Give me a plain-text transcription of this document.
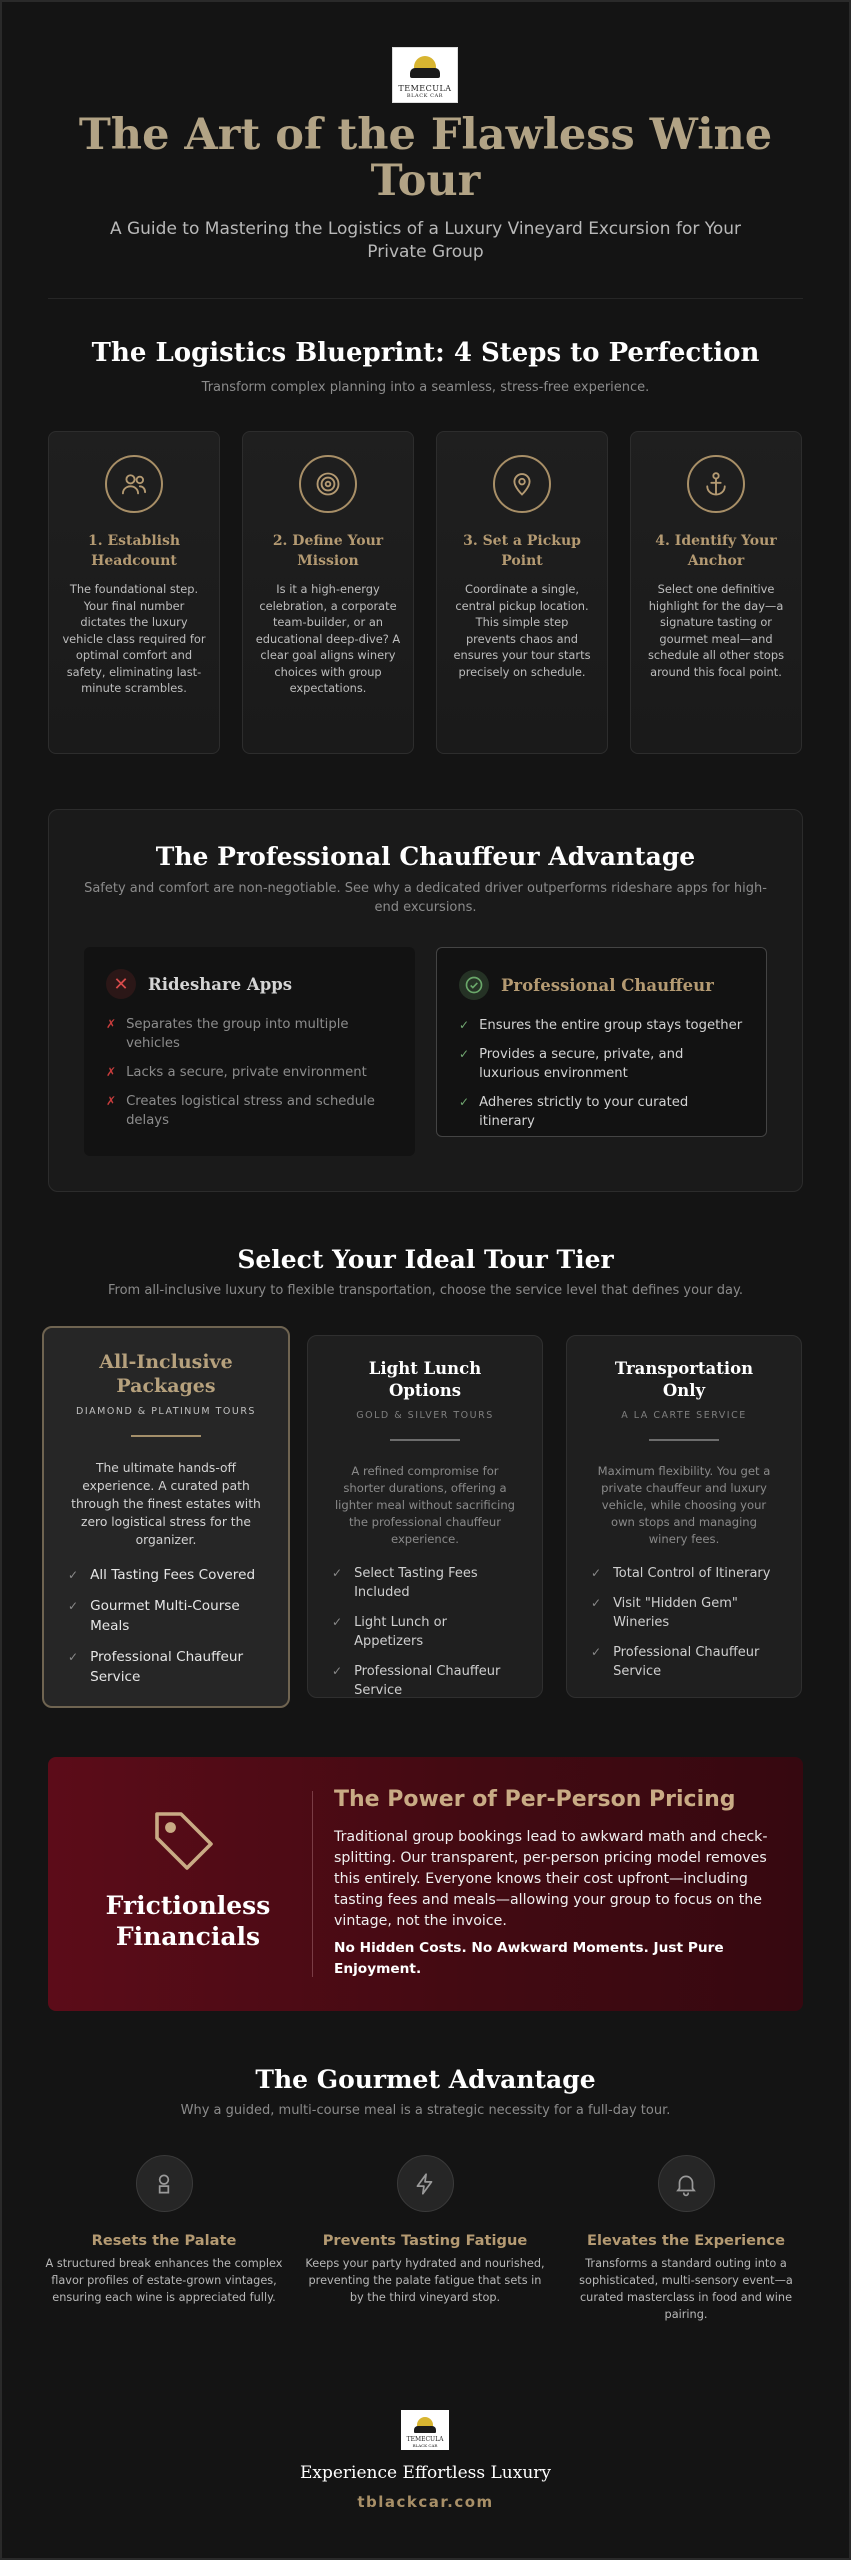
TEMECULA
BLACK CAR
The Art of the Flawless Wine Tour

A Guide to Mastering the Logistics of a Luxury Vineyard Excursion for Your Private Group

The Logistics Blueprint: 4 Steps to Perfection

Transform complex planning into a seamless, stress-free experience.

1. Establish Headcount

The foundational step. Your final number dictates the luxury vehicle class required for optimal comfort and safety, eliminating last-minute scrambles.

2. Define Your Mission

Is it a high-energy celebration, a corporate team-builder, or an educational deep-dive? A clear goal aligns winery choices with group expectations.

3. Set a Pickup Point

Coordinate a single, central pickup location. This simple step prevents chaos and ensures your tour starts precisely on schedule.

4. Identify Your Anchor

Select one definitive highlight for the day—a signature tasting or gourmet meal—and schedule all other stops around this focal point.

The Professional Chauffeur Advantage

Safety and comfort are non-negotiable. See why a dedicated driver outperforms rideshare apps for high-end excursions.

✕	Rideshare Apps
✗ Separates the group into multiple vehicles
✗ Lacks a secure, private environment
✗ Creates logistical stress and schedule delays
Professional Chauffeur
✓ Ensures the entire group stays together
✓ Provides a secure, private, and luxurious environment
✓ Adheres strictly to your curated itinerary
Select Your Ideal Tour Tier

From all-inclusive luxury to flexible transportation, choose the service level that defines your day.

All-Inclusive Packages
DIAMOND & PLATINUM TOURS

The ultimate hands-off experience. A curated path through the finest estates with zero logistical stress for the organizer.

✓ All Tasting Fees Covered
✓ Gourmet Multi-Course Meals
✓ Professional Chauffeur Service
Light Lunch Options
GOLD & SILVER TOURS

A refined compromise for shorter durations, offering a lighter meal without sacrificing the professional chauffeur experience.

✓ Select Tasting Fees Included
✓ Light Lunch or Appetizers
✓ Professional Chauffeur Service
Transportation Only
A LA CARTE SERVICE

Maximum flexibility. You get a private chauffeur and luxury vehicle, while choosing your own stops and managing winery fees.

✓ Total Control of Itinerary
✓ Visit "Hidden Gem" Wineries
✓ Professional Chauffeur Service
Frictionless Financials
The Power of Per-Person Pricing

Traditional group bookings lead to awkward math and check-splitting. Our transparent, per-person pricing model removes this entirely. Everyone knows their cost upfront—including tasting fees and meals—allowing your group to focus on the vintage, not the invoice.

No Hidden Costs. No Awkward Moments. Just Pure Enjoyment.

The Gourmet Advantage

Why a guided, multi-course meal is a strategic necessity for a full-day tour.

Resets the Palate

A structured break enhances the complex flavor profiles of estate-grown vintages, ensuring each wine is appreciated fully.

Prevents Tasting Fatigue

Keeps your party hydrated and nourished, preventing the palate fatigue that sets in by the third vineyard stop.

Elevates the Experience

Transforms a standard outing into a sophisticated, multi-sensory event—a curated masterclass in food and wine pairing.

TEMECULA
BLACK CAR
Experience Effortless Luxury
tblackcar.com
